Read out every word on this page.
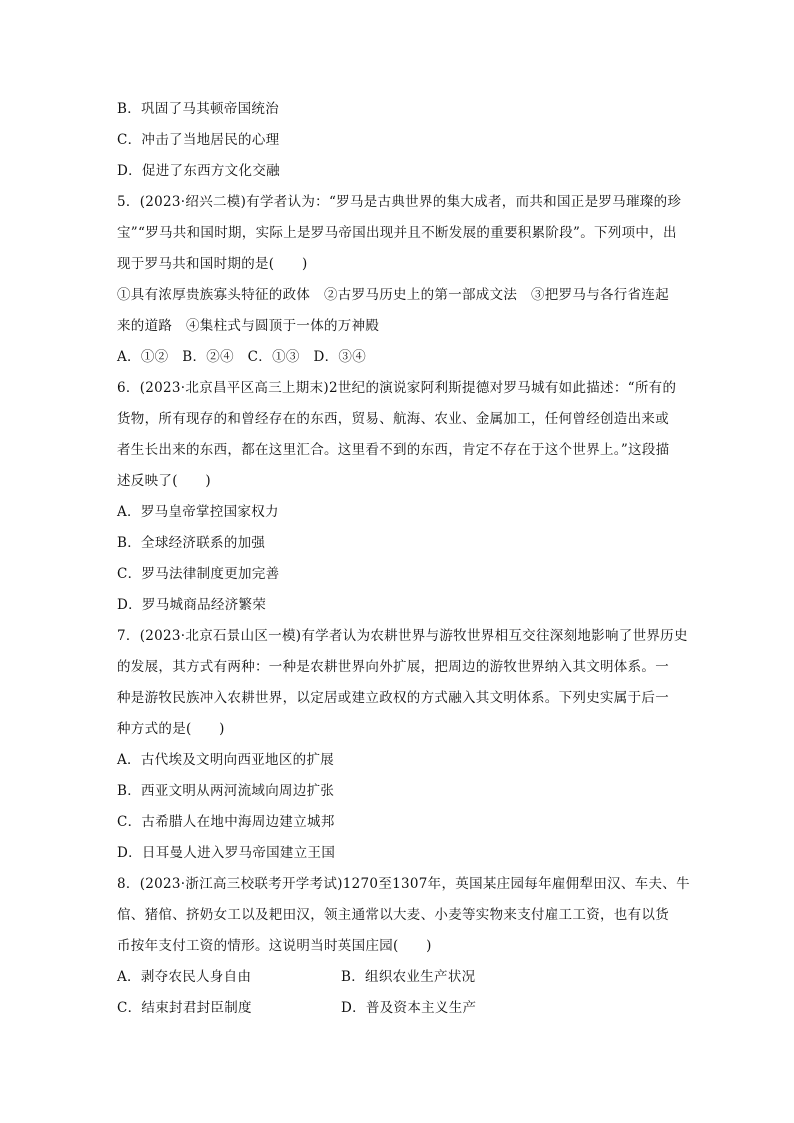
B．巩固了马其顿帝国统治
C．冲击了当地居民的心理
D．促进了东西方文化交融
5．(2023·绍兴二模)有学者认为：“罗马是古典世界的集大成者，而共和国正是罗马璀璨的珍
宝”“罗马共和国时期，实际上是罗马帝国出现并且不断发展的重要积累阶段”。下列项中，出
现于罗马共和国时期的是(　　)
①具有浓厚贵族寡头特征的政体　②古罗马历史上的第一部成文法　③把罗马与各行省连起
来的道路　④集柱式与圆顶于一体的万神殿
A．①②　B．②④　C．①③　D．③④
6．(2023·北京昌平区高三上期末)2世纪的演说家阿利斯提德对罗马城有如此描述：“所有的
货物，所有现存的和曾经存在的东西，贸易、航海、农业、金属加工，任何曾经创造出来或
者生长出来的东西，都在这里汇合。这里看不到的东西，肯定不存在于这个世界上。”这段描
述反映了(　　)
A．罗马皇帝掌控国家权力
B．全球经济联系的加强
C．罗马法律制度更加完善
D．罗马城商品经济繁荣
7．(2023·北京石景山区一模)有学者认为农耕世界与游牧世界相互交往深刻地影响了世界历史
的发展，其方式有两种：一种是农耕世界向外扩展，把周边的游牧世界纳入其文明体系。一
种是游牧民族冲入农耕世界，以定居或建立政权的方式融入其文明体系。下列史实属于后一
种方式的是(　　)
A．古代埃及文明向西亚地区的扩展
B．西亚文明从两河流域向周边扩张
C．古希腊人在地中海周边建立城邦
D．日耳曼人进入罗马帝国建立王国
8．(2023·浙江高三校联考开学考试)1270至1307年，英国某庄园每年雇佣犁田汉、车夫、牛
倌、猪倌、挤奶女工以及耙田汉，领主通常以大麦、小麦等实物来支付雇工工资，也有以货
币按年支付工资的情形。这说明当时英国庄园(　　)
A．剥夺农民人身自由	B．组织农业生产状况
C．结束封君封臣制度	D．普及资本主义生产
